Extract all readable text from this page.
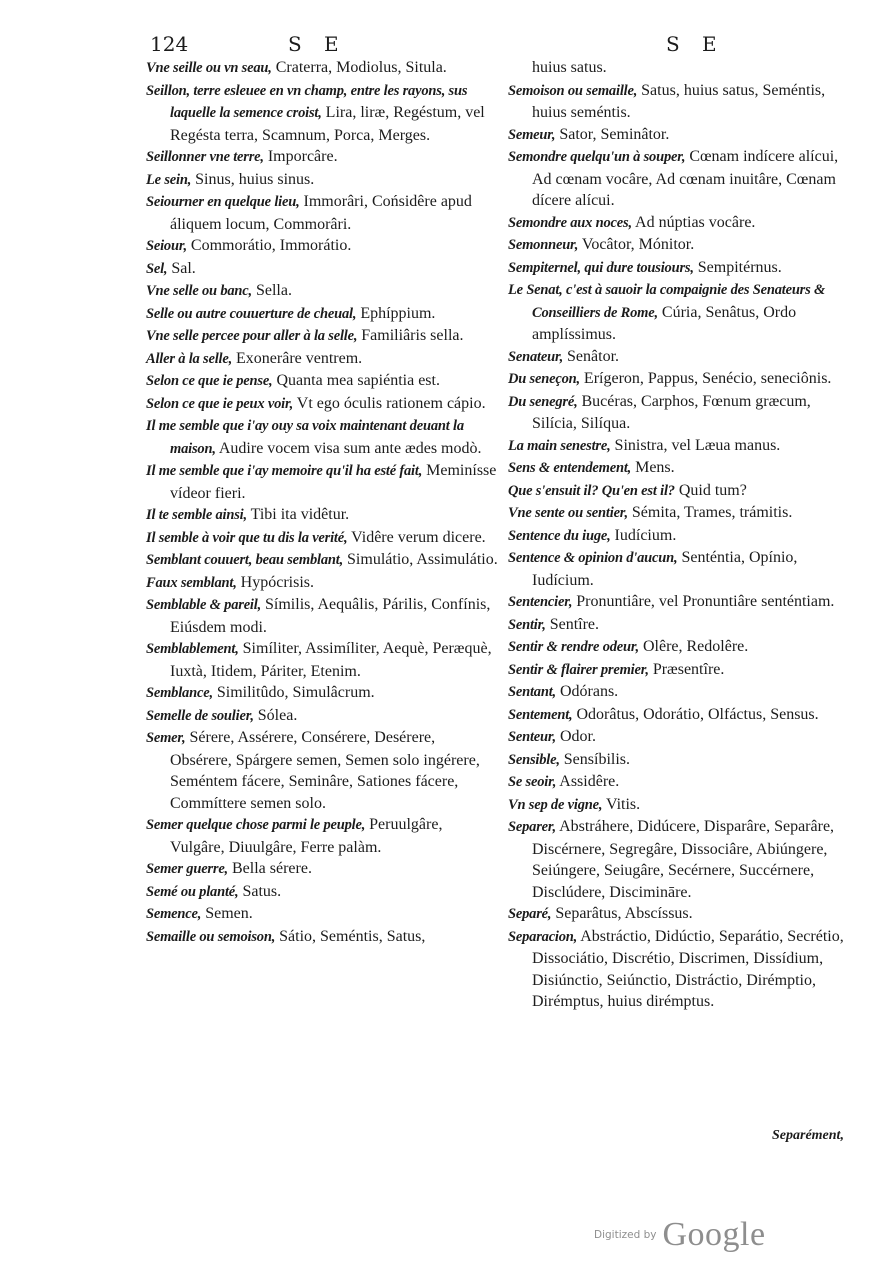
124	S E	S E

Vne seille ou vn seau, Craterra, Modiolus, Situla.

Seillon, terre esleuee en vn champ, entre les rayons, sus laquelle la semence croist, Lira, liræ, Regéstum, vel Regésta terra, Scamnum, Porca, Merges.

Seillonner vne terre, Imporcâre.

Le sein, Sinus, huius sinus.

Seiourner en quelque lieu, Immorâri, Cońsidêre apud áliquem locum, Commorâri.

Seiour, Commorátio, Immorátio.

Sel, Sal.

Vne selle ou banc, Sella.

Selle ou autre couuerture de cheual, Ephíppium.

Vne selle percee pour aller à la selle, Familiâris sella.

Aller à la selle, Exonerâre ventrem.

Selon ce que ie pense, Quanta mea sapiéntia est.

Selon ce que ie peux voir, Vt ego óculis rationem cápio.

Il me semble que i'ay ouy sa voix maintenant deuant la maison, Audire vocem visa sum ante ædes modò.

Il me semble que i'ay memoire qu'il ha esté fait, Meminísse vídeor fieri.

Il te semble ainsi, Tibi ita vidêtur.

Il semble à voir que tu dis la verité, Vidêre verum dicere.

Semblant couuert, beau semblant, Simulátio, Assimulátio.

Faux semblant, Hypócrisis.

Semblable & pareil, Símilis, Aequâlis, Párilis, Confínis, Eiúsdem modi.

Semblablement, Simíliter, Assimíliter, Aequè, Peræquè, Iuxtà, Itidem, Páriter, Etenim.

Semblance, Similitûdo, Simulâcrum.

Semelle de soulier, Sólea.

Semer, Sérere, Assérere, Consérere, Desérere, Obsérere, Spárgere semen, Semen solo ingérere, Seméntem fácere, Seminâre, Sationes fácere, Commíttere semen solo.

Semer quelque chose parmi le peuple, Peruulgâre, Vulgâre, Diuulgâre, Ferre palàm.

Semer guerre, Bella sérere.

Semé ou planté, Satus.

Semence, Semen.

Semaille ou semoison, Sátio, Seméntis, Satus,

huius satus.

Semoison ou semaille, Satus, huius satus, Seméntis, huius seméntis.

Semeur, Sator, Seminâtor.

Semondre quelqu'un à souper, Cœnam indícere alícui, Ad cœnam vocâre, Ad cœnam inuitâre, Cœnam dícere alícui.

Semondre aux noces, Ad núptias vocâre.

Semonneur, Vocâtor, Mónitor.

Sempiternel, qui dure tousiours, Sempitérnus.

Le Senat, c'est à sauoir la compaignie des Senateurs & Conseilliers de Rome, Cúria, Senâtus, Ordo amplíssimus.

Senateur, Senâtor.

Du seneçon, Erígeron, Pappus, Senécio, seneciônis.

Du senegré, Bucéras, Carphos, Fœnum græcum, Silícia, Silíqua.

La main senestre, Sinistra, vel Læua manus.

Sens & entendement, Mens.

Que s'ensuit il? Qu'en est il? Quid tum?

Vne sente ou sentier, Sémita, Trames, trámitis.

Sentence du iuge, Iudícium.

Sentence & opinion d'aucun, Senténtia, Opínio, Iudícium.

Sentencier, Pronuntiâre, vel Pronuntiâre senténtiam.

Sentir, Sentîre.

Sentir & rendre odeur, Olêre, Redolêre.

Sentir & flairer premier, Præsentîre.

Sentant, Odórans.

Sentement, Odorâtus, Odorátio, Olfáctus, Sensus.

Senteur, Odor.

Sensible, Sensíbilis.

Se seoir, Assidêre.

Vn sep de vigne, Vitis.

Separer, Abstráhere, Didúcere, Disparâre, Separâre, Discérnere, Segregâre, Dissociâre, Abiúngere, Seiúngere, Seiugâre, Secérnere, Succérnere, Disclúdere, Discimināre.

Separé, Separâtus, Abscíssus.

Separacion, Abstráctio, Didúctio, Separátio, Secrétio, Dissociátio, Discrétio, Discrimen, Dissídium, Disiúnctio, Seiúnctio, Distráctio, Dirémptio, Dirémptus, huius dirémptus.

Separément,
Digitized by Google
